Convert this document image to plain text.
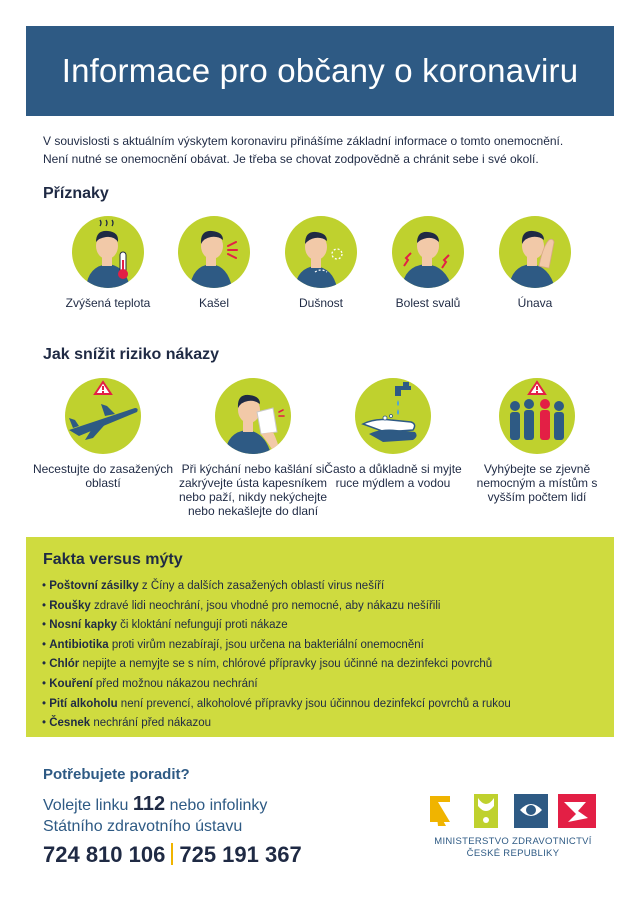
Informace pro občany o koronaviru
V souvislosti s aktuálním výskytem koronaviru přinášíme základní informace o tomto onemocnění.
Není nutné se onemocnění obávat. Je třeba se chovat zodpovědně a chránit sebe i své okolí.
Příznaky
Zvýšená teplota	Kašel	Dušnost	Bolest svalů	Únava
Jak snížit riziko nákazy
Necestujte do zasažených oblastí
Při kýchání nebo kašlání si zakrývejte ústa kapesníkem nebo paží, nikdy nekýchejte nebo nekašlejte do dlaní
Často a důkladně si myjte ruce mýdlem a vodou
Vyhýbejte se zjevně nemocným a místům s vyšším počtem lidí
Fakta versus mýty
• Poštovní zásilky z Číny a dalších zasažených oblastí virus nešíří
• Roušky zdravé lidi neochrání, jsou vhodné pro nemocné, aby nákazu nešířili
• Nosní kapky či kloktání nefungují proti nákaze
• Antibiotika proti virům nezabírají, jsou určena na bakteriální onemocnění
• Chlór nepijte a nemyjte se s ním, chlórové přípravky jsou účinné na dezinfekci povrchů
• Kouření před možnou nákazou nechrání
• Pití alkoholu není prevencí, alkoholové přípravky jsou účinnou dezinfekcí povrchů a rukou
• Česnek nechrání před nákazou
Potřebujete poradit?
Volejte linku 112 nebo infolinky
Státního zdravotního ústavu
724 810 106 725 191 367
MINISTERSTVO ZDRAVOTNICTVÍ
ČESKÉ REPUBLIKY
